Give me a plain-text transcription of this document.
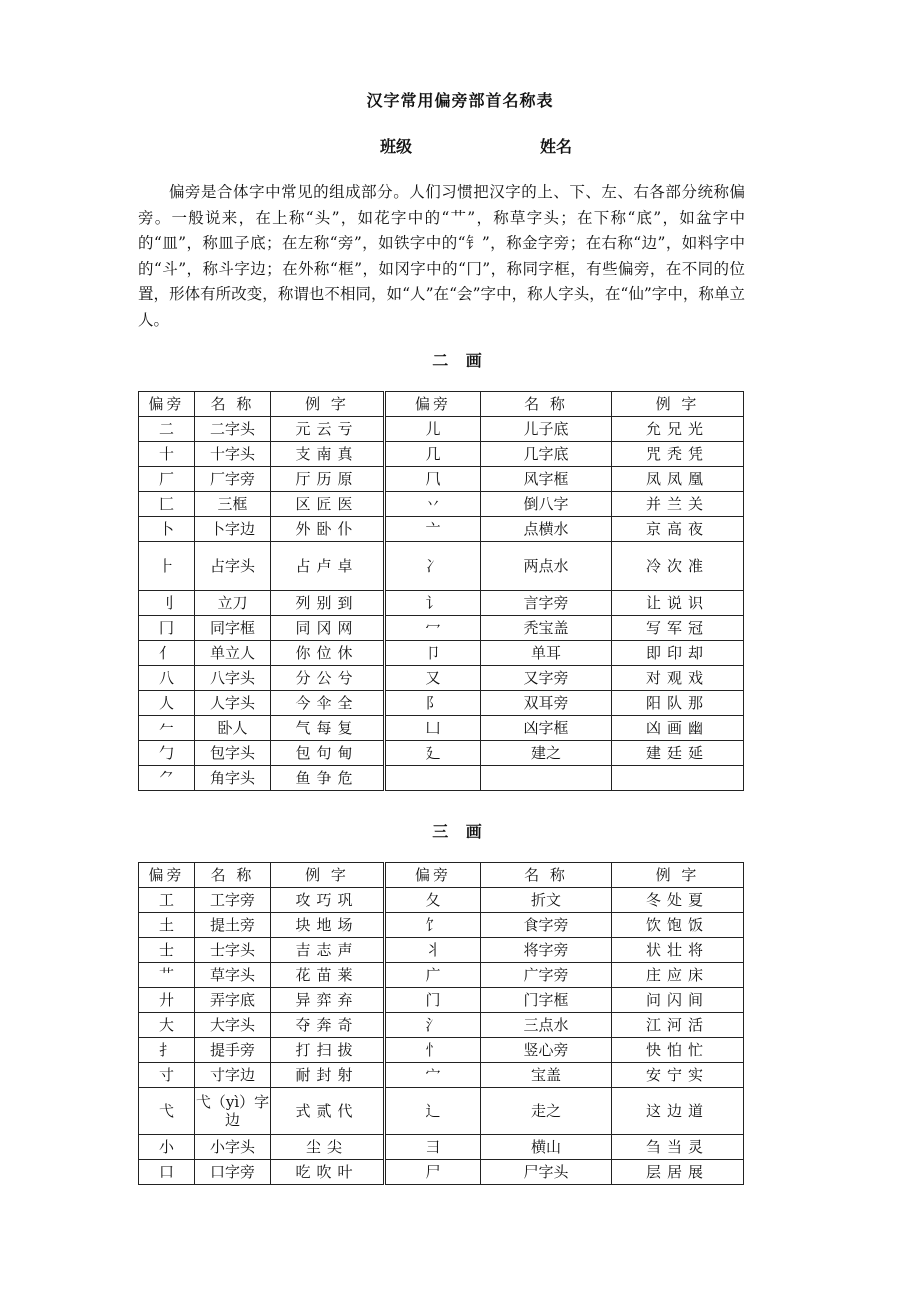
汉字常用偏旁部首名称表
班级	姓名

偏旁是合体字中常见的组成部分。人们习惯把汉字的上、下、左、右各部分统称偏旁。一般说来，在上称“头”，如花字中的“艹”，称草字头；在下称“底”，如盆字中的“皿”，称皿子底；在左称“旁”，如铁字中的“钅”，称金字旁；在右称“边”，如料字中的“斗”，称斗字边；在外称“框”，如冈字中的“冂”，称同字框，有些偏旁，在不同的位置，形体有所改变，称谓也不相同，如“人”在“会”字中，称人字头，在“仙”字中，称单立人。

二 画
偏旁	名 称	例 字	偏旁	名 称	例 字
二	二字头	元云亏	儿	儿子底	允兄光
十	十字头	支南真	几	几字底	咒秃凭
厂	厂字旁	厅历原	⺇	风字框	凤凤凰
匚	三框	区匠医	丷	倒八字	并兰关
卜	卜字边	外卧仆	亠	点横水	京高夜
⺊	占字头	占卢卓	冫	两点水	冷次准
刂	立刀	列别到	讠	言字旁	让说识
冂	同字框	同冈网	冖	秃宝盖	写军冠
亻	单立人	你位休	卩	单耳	即印却
八	八字头	分公兮	又	又字旁	对观戏
人	人字头	今伞全	阝	双耳旁	阳队那
𠂉	卧人	气每复	凵	凶字框	凶画幽
勹	包字头	包句甸	廴	建之	建廷延
⺈	角字头	鱼争危			
三 画
偏旁	名 称	例 字	偏旁	名 称	例 字
工	工字旁	攻巧巩	夂	折文	冬处夏
土	提土旁	块地场	饣	食字旁	饮饱饭
士	士字头	吉志声	丬	将字旁	状壮将
艹	草字头	花苗莱	广	广字旁	庄应床
廾	弄字底	异弈弃	门	门字框	问闪间
大	大字头	夺奔奇	氵	三点水	江河活
扌	提手旁	打扫拔	忄	竖心旁	快怕忙
寸	寸字边	耐封射	宀	宝盖	安宁实
弋	弋（yì）字边	式贰代	辶	走之	这边道
小	小字头	尘尖	彐	横山	刍当灵
口	口字旁	吃吹叶	尸	尸字头	层居展
